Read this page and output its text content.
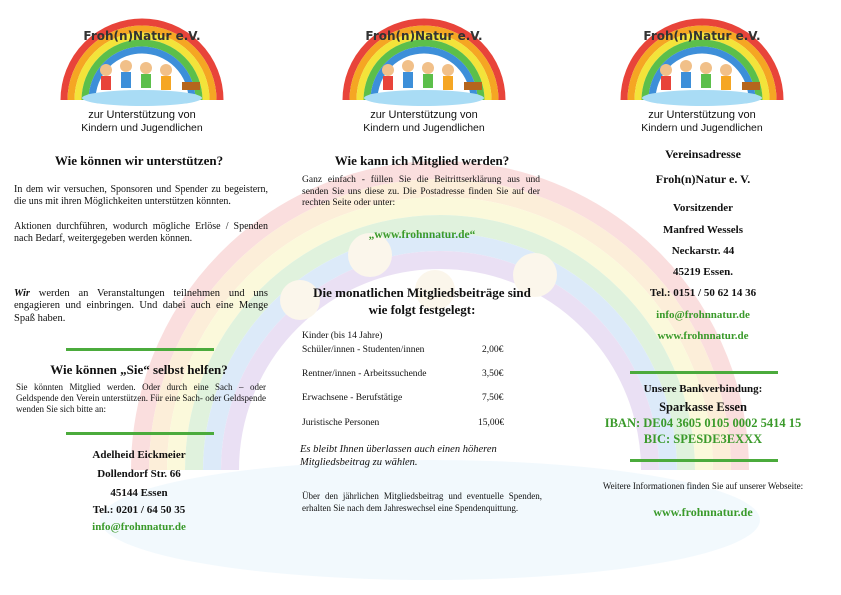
Froh(n)Natur e.V.
zur Unterstützung von
Kindern und Jugendlichen
Wie können wir unterstützen?
In dem wir versuchen, Sponsoren und Spender zu begeistern, die uns mit ihren Möglichkeiten unterstützen könnten.
Aktionen durchführen, wodurch mögliche Erlöse / Spenden nach Bedarf, weitergegeben werden können.
Wir werden an Veranstaltungen teilnehmen und uns engagieren und einbringen. Und dabei auch eine Menge Spaß haben.
Wie können „Sie“ selbst helfen?
Sie könnten Mitglied werden. Oder durch eine Sach – oder Geldspende den Verein unterstützen. Für eine Sach- oder Geldspende wenden Sie sich bitte an:
Adelheid Eickmeier
Dollendorf Str. 66
45144 Essen
Tel.: 0201 / 64 50 35
info@frohnnatur.de
Froh(n)Natur e.V.
zur Unterstützung von
Kindern und Jugendlichen
Wie kann ich Mitglied werden?
Ganz einfach - füllen Sie die Beitrittserklärung aus und senden Sie uns diese zu. Die Postadresse finden Sie auf der rechten Seite oder unter:
„www.frohnnatur.de“
Die monatlichen Mitgliedsbeiträge sind
wie folgt festgelegt:
Kinder (bis 14 Jahre)
Schüler/innen - Studenten/innen	2,00€
Rentner/innen - Arbeitssuchende	3,50€
Erwachsene - Berufstätige	7,50€
Juristische Personen	15,00€
Es bleibt Ihnen überlassen auch einen höheren Mitgliedsbeitrag zu wählen.
Über den jährlichen Mitgliedsbeitrag und eventuelle Spenden, erhalten Sie nach dem Jahreswechsel eine Spendenquittung.
Froh(n)Natur e.V.
zur Unterstützung von
Kindern und Jugendlichen
Vereinsadresse
Froh(n)Natur e. V.
Vorsitzender
Manfred Wessels
Neckarstr. 44
45219 Essen.
Tel.: 0151 / 50 62 14 36
info@frohnnatur.de
www.frohnnatur.de
Unsere Bankverbindung:
Sparkasse Essen
IBAN: DE04 3605 0105 0002 5414 15
BIC: SPESDE3EXXX
Weitere Informationen finden Sie auf unserer Webseite:
www.frohnnatur.de
